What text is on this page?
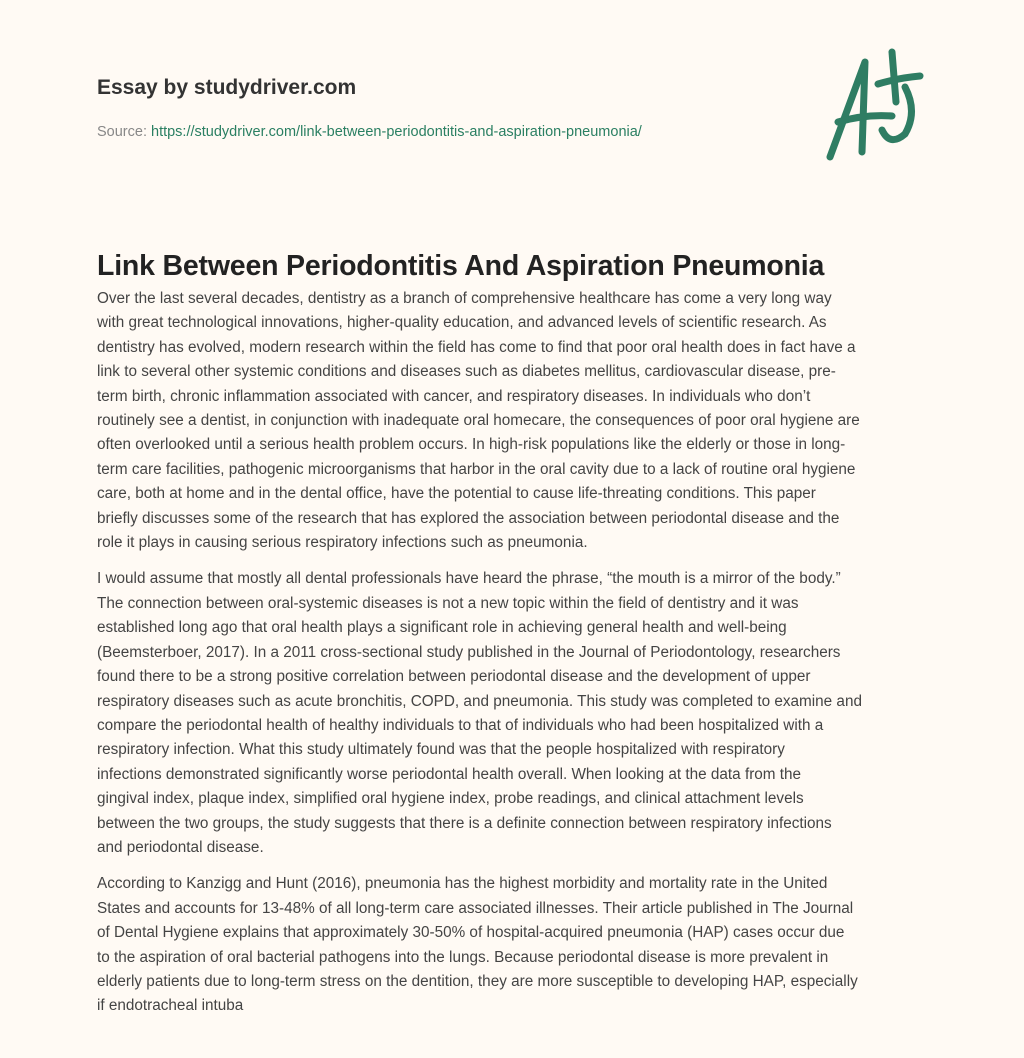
Essay by studydriver.com
Source: https://studydriver.com/link-between-periodontitis-and-aspiration-pneumonia/
Link Between Periodontitis And Aspiration Pneumonia

Over the last several decades, dentistry as a branch of comprehensive healthcare has come a very long way
with great technological innovations, higher-quality education, and advanced levels of scientific research. As
dentistry has evolved, modern research within the field has come to find that poor oral health does in fact have a
link to several other systemic conditions and diseases such as diabetes mellitus, cardiovascular disease, pre-
term birth, chronic inflammation associated with cancer, and respiratory diseases. In individuals who don’t
routinely see a dentist, in conjunction with inadequate oral homecare, the consequences of poor oral hygiene are
often overlooked until a serious health problem occurs. In high-risk populations like the elderly or those in long-
term care facilities, pathogenic microorganisms that harbor in the oral cavity due to a lack of routine oral hygiene
care, both at home and in the dental office, have the potential to cause life-threating conditions. This paper
briefly discusses some of the research that has explored the association between periodontal disease and the
role it plays in causing serious respiratory infections such as pneumonia.

I would assume that mostly all dental professionals have heard the phrase, “the mouth is a mirror of the body.”
The connection between oral-systemic diseases is not a new topic within the field of dentistry and it was
established long ago that oral health plays a significant role in achieving general health and well-being
(Beemsterboer, 2017). In a 2011 cross-sectional study published in the Journal of Periodontology, researchers
found there to be a strong positive correlation between periodontal disease and the development of upper
respiratory diseases such as acute bronchitis, COPD, and pneumonia. This study was completed to examine and
compare the periodontal health of healthy individuals to that of individuals who had been hospitalized with a
respiratory infection. What this study ultimately found was that the people hospitalized with respiratory
infections demonstrated significantly worse periodontal health overall. When looking at the data from the
gingival index, plaque index, simplified oral hygiene index, probe readings, and clinical attachment levels
between the two groups, the study suggests that there is a definite connection between respiratory infections
and periodontal disease.

According to Kanzigg and Hunt (2016), pneumonia has the highest morbidity and mortality rate in the United
States and accounts for 13-48% of all long-term care associated illnesses. Their article published in The Journal
of Dental Hygiene explains that approximately 30-50% of hospital-acquired pneumonia (HAP) cases occur due
to the aspiration of oral bacterial pathogens into the lungs. Because periodontal disease is more prevalent in
elderly patients due to long-term stress on the dentition, they are more susceptible to developing HAP, especially
if endotracheal intuba
